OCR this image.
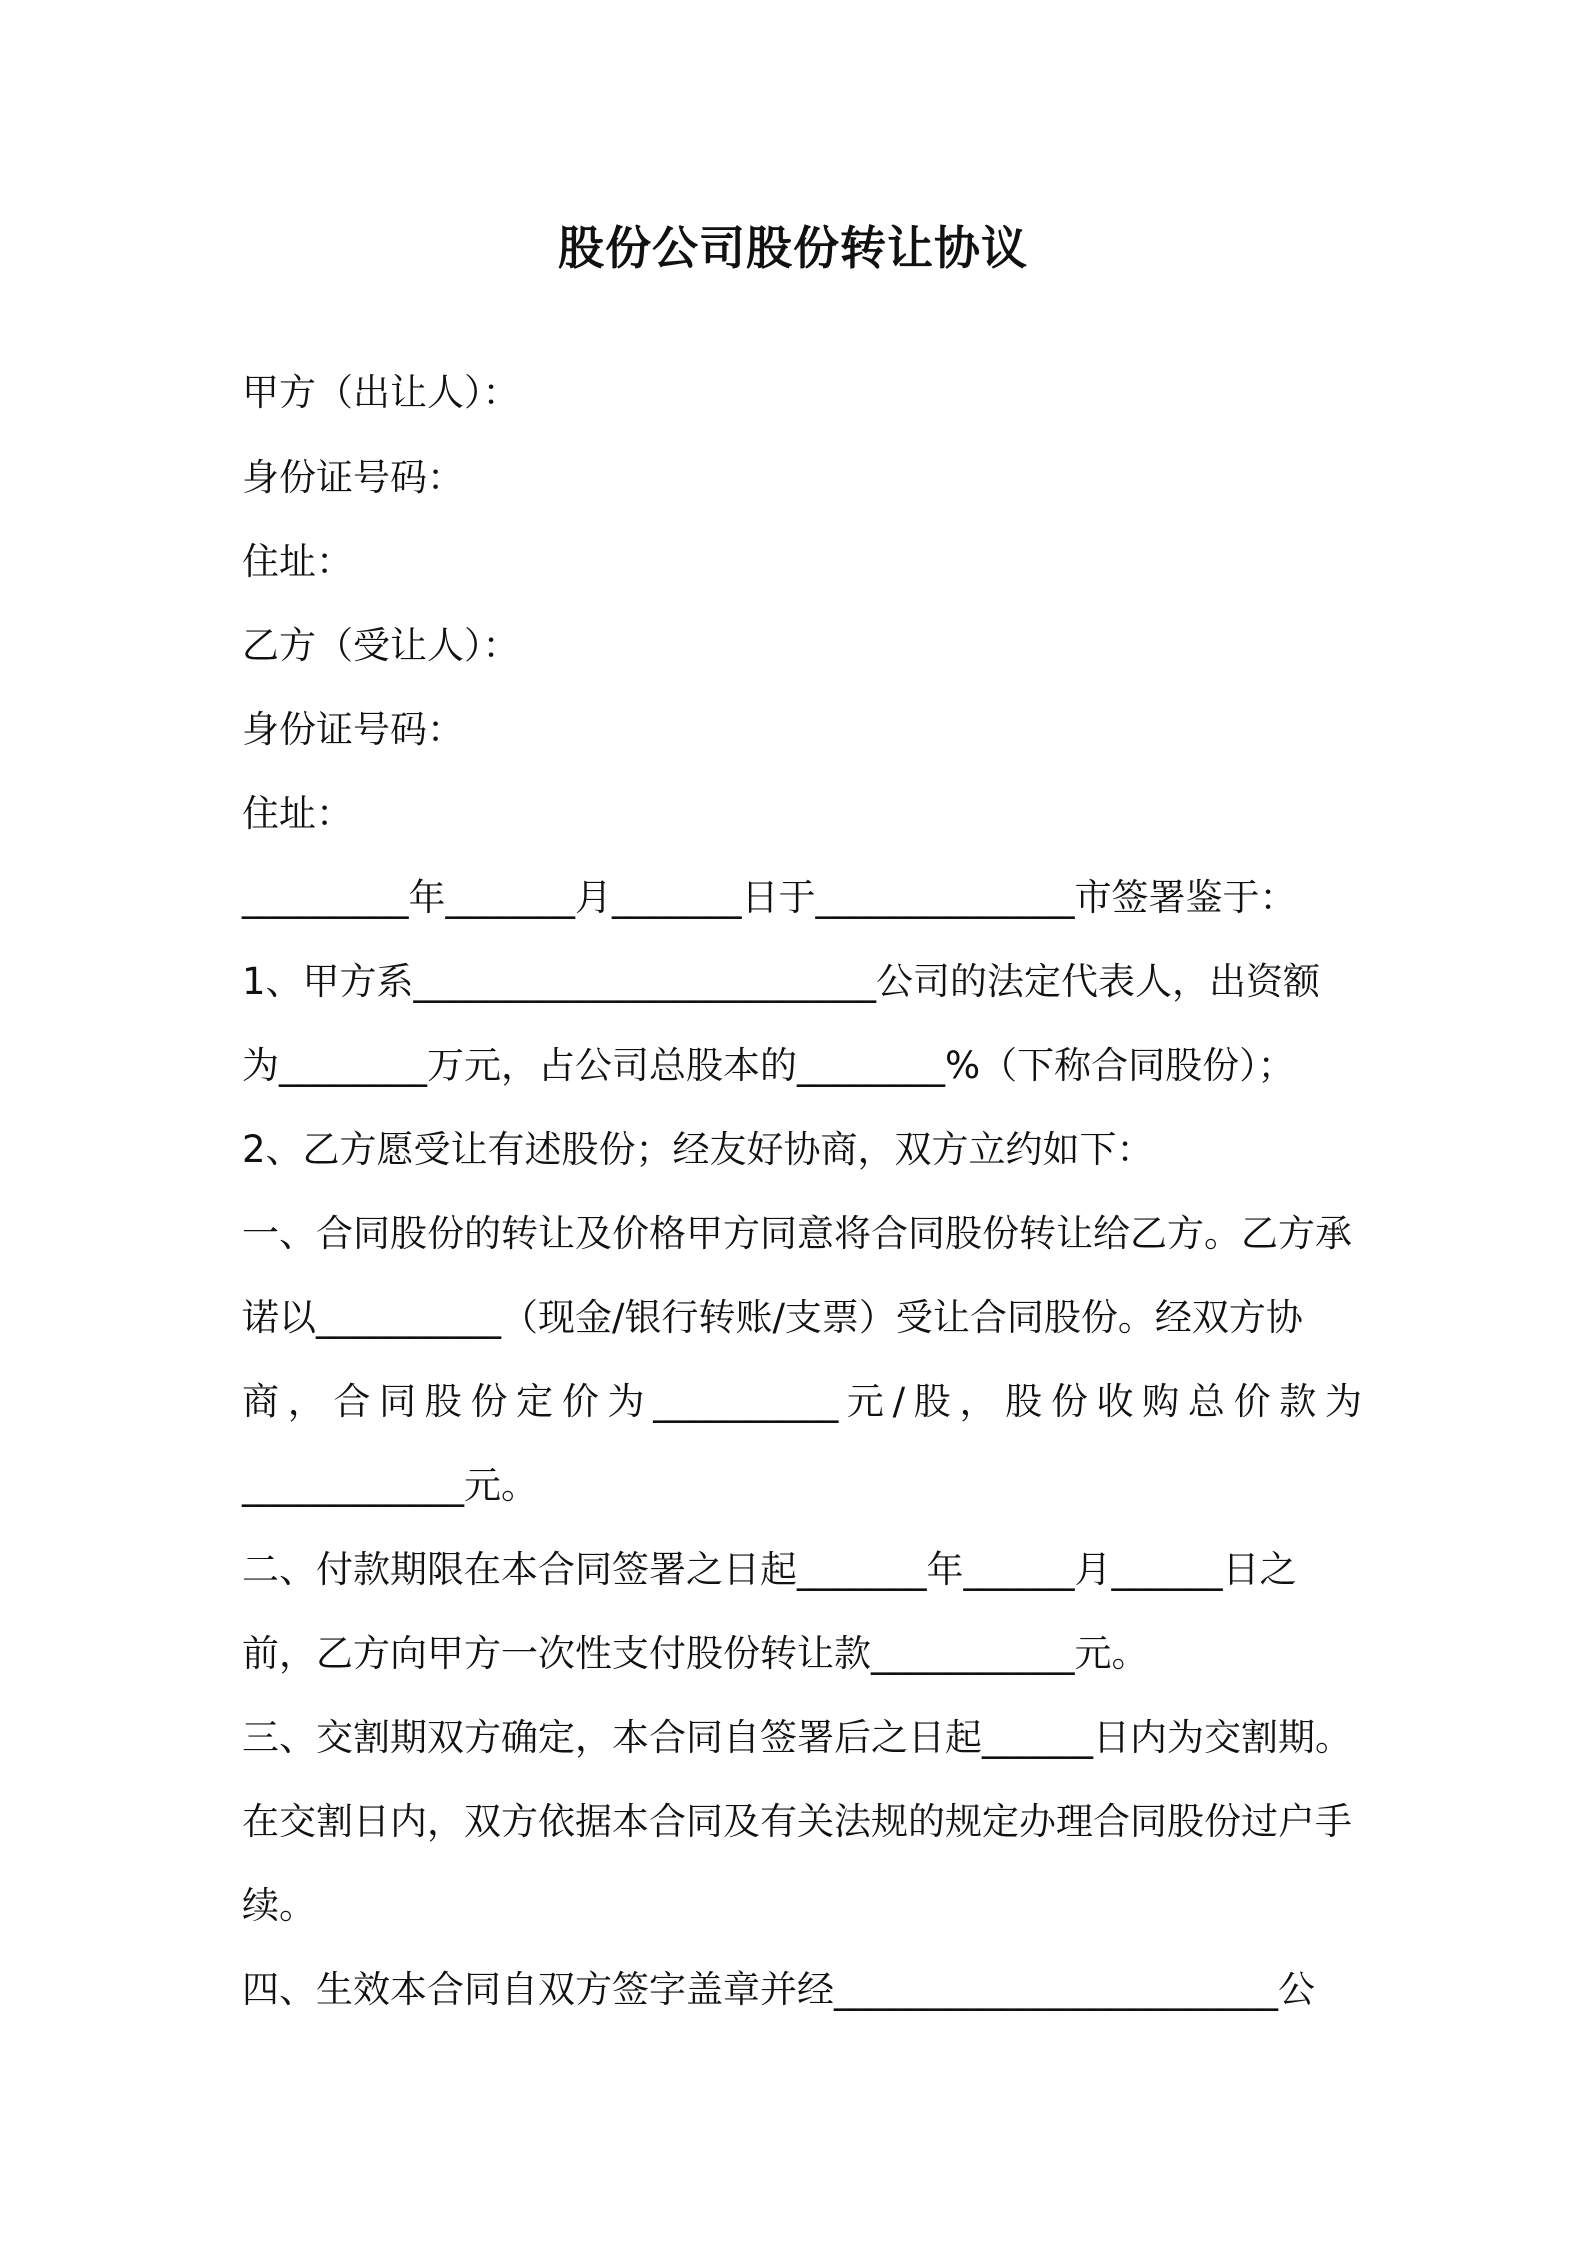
股份公司股份转让协议
甲方（出让人）：
身份证号码：
住址：
乙方（受让人）：
身份证号码：
住址：
_________年_______月_______日于______________市签署鉴于：
1、甲方系_________________________公司的法定代表人，出资额
为________万元，占公司总股本的________%（下称合同股份）；
2、乙方愿受让有述股份；经友好协商，双方立约如下：
一、合同股份的转让及价格甲方同意将合同股份转让给乙方。乙方承
诺以__________（现金/银行转账/支票）受让合同股份。经双方协
商，合同股份定价为__________元/股，股份收购总价款为
____________元。
二、付款期限在本合同签署之日起_______年______月______日之
前，乙方向甲方一次性支付股份转让款___________元。
三、交割期双方确定，本合同自签署后之日起______日内为交割期。
在交割日内，双方依据本合同及有关法规的规定办理合同股份过户手
续。
四、生效本合同自双方签字盖章并经________________________公
